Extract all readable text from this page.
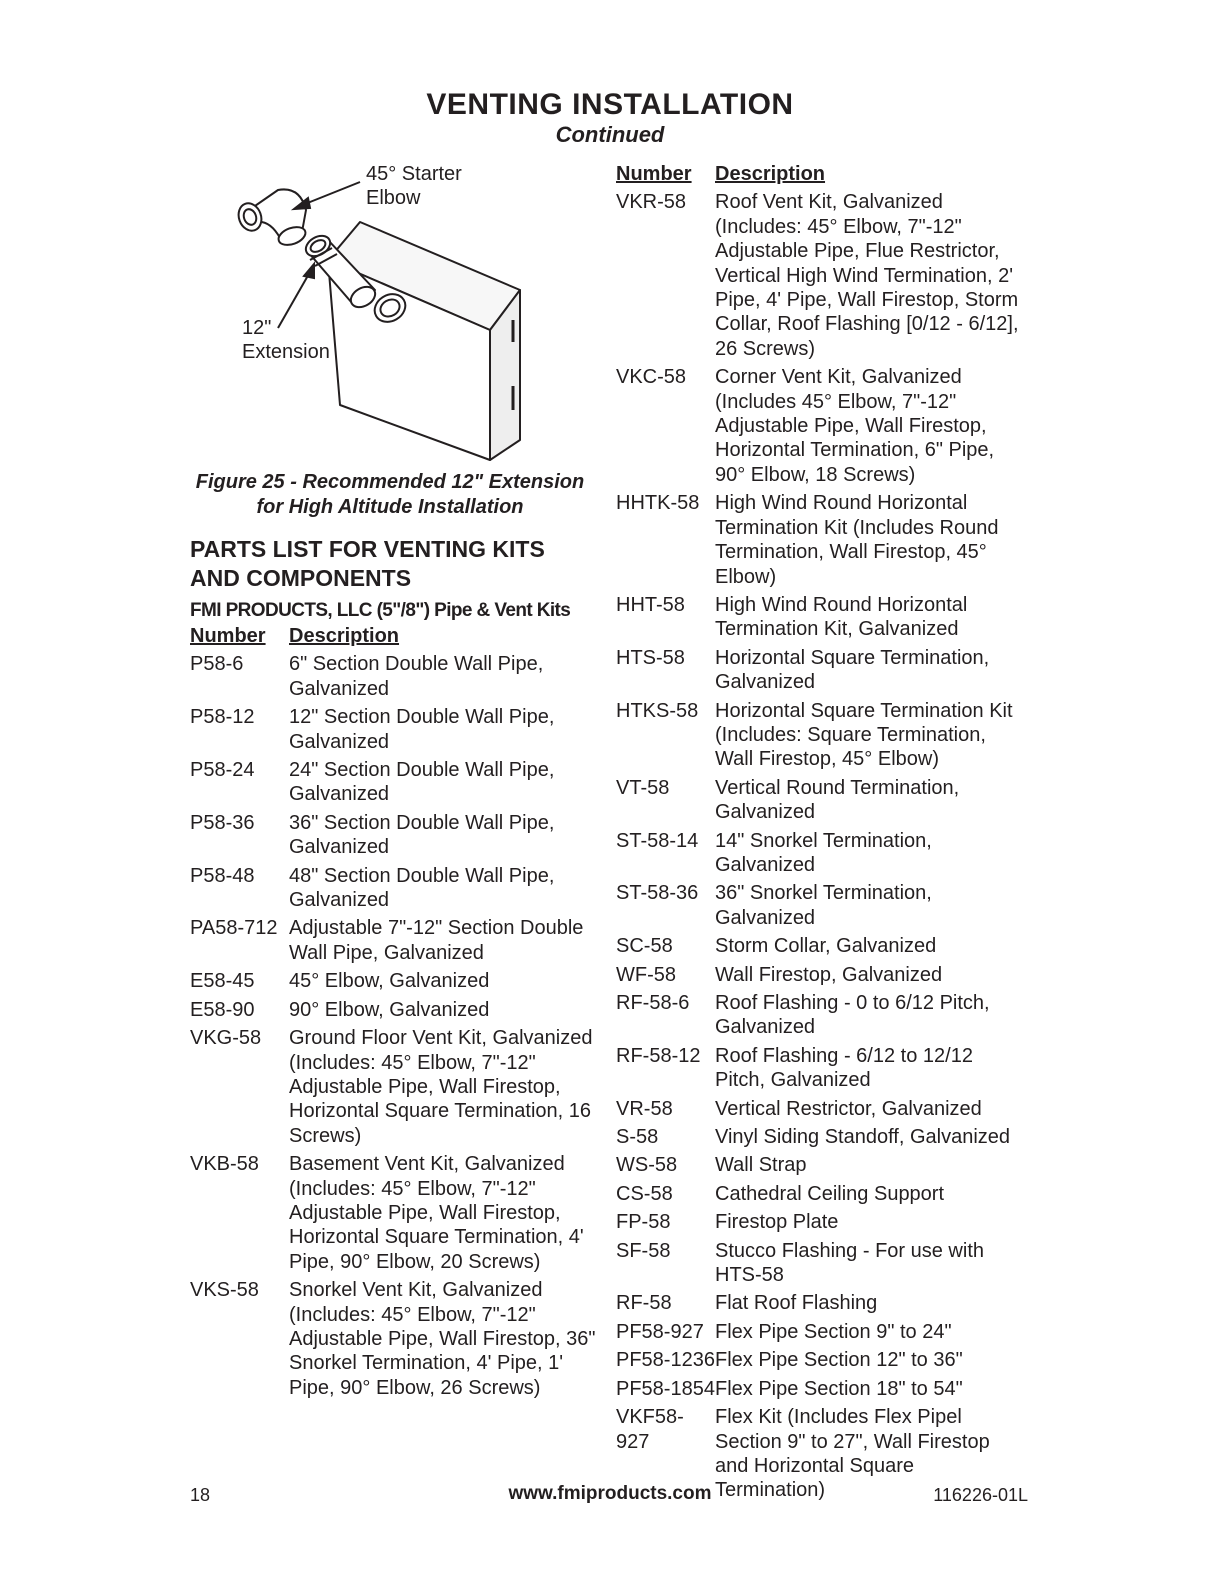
VENTING INSTALLATION
Continued
45° Starter
Elbow
12"
Extension
Figure 25 - Recommended 12" Extension
for High Altitude Installation
PARTS LIST FOR VENTING KITS
AND COMPONENTS
FMI PRODUCTS, LLC (5"/8") Pipe & Vent Kits
Number	Description
P58-6	6" Section Double Wall Pipe, Galvanized
P58-12	12" Section Double Wall Pipe, Galvanized
P58-24	24" Section Double Wall Pipe, Galvanized
P58-36	36" Section Double Wall Pipe, Galvanized
P58-48	48" Section Double Wall Pipe, Galvanized
PA58-712	Adjustable 7"-12" Section Double Wall Pipe, Galvanized
E58-45	45° Elbow, Galvanized
E58-90	90° Elbow, Galvanized
VKG-58	Ground Floor Vent Kit, Galvanized (Includes: 45° Elbow, 7"-12" Adjustable Pipe, Wall Firestop, Horizontal Square Termination, 16 Screws)
VKB-58	Basement Vent Kit, Galvanized (Includes: 45° Elbow, 7"-12" Adjustable Pipe, Wall Firestop, Horizontal Square Termination, 4' Pipe, 90° Elbow, 20 Screws)
VKS-58	Snorkel Vent Kit, Galvanized (Includes: 45° Elbow, 7"-12" Adjustable Pipe, Wall Firestop, 36" Snorkel Termination, 4' Pipe, 1' Pipe, 90° Elbow, 26 Screws)
Number	Description
VKR-58	Roof Vent Kit, Galvanized (Includes: 45° Elbow, 7"-12" Adjustable Pipe, Flue Restrictor, Vertical High Wind Termination, 2' Pipe, 4' Pipe, Wall Firestop, Storm Collar, Roof Flashing [0/12 - 6/12], 26 Screws)
VKC-58	Corner Vent Kit, Galvanized (Includes 45° Elbow, 7"-12" Adjustable Pipe, Wall Firestop, Horizontal Termination, 6" Pipe, 90° Elbow, 18 Screws)
HHTK-58	High Wind Round Horizontal Termination Kit (Includes Round Termination, Wall Firestop, 45° Elbow)
HHT-58	High Wind Round Horizontal Termination Kit, Galvanized
HTS-58	Horizontal Square Termination, Galvanized
HTKS-58	Horizontal Square Termination Kit (Includes: Square Termination, Wall Firestop, 45° Elbow)
VT-58	Vertical Round Termination, Galvanized
ST-58-14	14" Snorkel Termination, Galvanized
ST-58-36	36" Snorkel Termination, Galvanized
SC-58	Storm Collar, Galvanized
WF-58	Wall Firestop, Galvanized
RF-58-6	Roof Flashing - 0 to 6/12 Pitch, Galvanized
RF-58-12	Roof Flashing - 6/12 to 12/12 Pitch, Galvanized
VR-58	Vertical Restrictor, Galvanized
S-58	Vinyl Siding Standoff, Galvanized
WS-58	Wall Strap
CS-58	Cathedral Ceiling Support
FP-58	Firestop Plate
SF-58	Stucco Flashing - For use with HTS-58
RF-58	Flat Roof Flashing
PF58-927	Flex Pipe Section 9" to 24"
PF58-1236	Flex Pipe Section 12" to 36"
PF58-1854	Flex Pipe Section 18" to 54"
VKF58-927	Flex Kit (Includes Flex Pipel Section 9" to 27", Wall Firestop and Horizontal Square Termination)
18	www.fmiproducts.com	116226-01L
